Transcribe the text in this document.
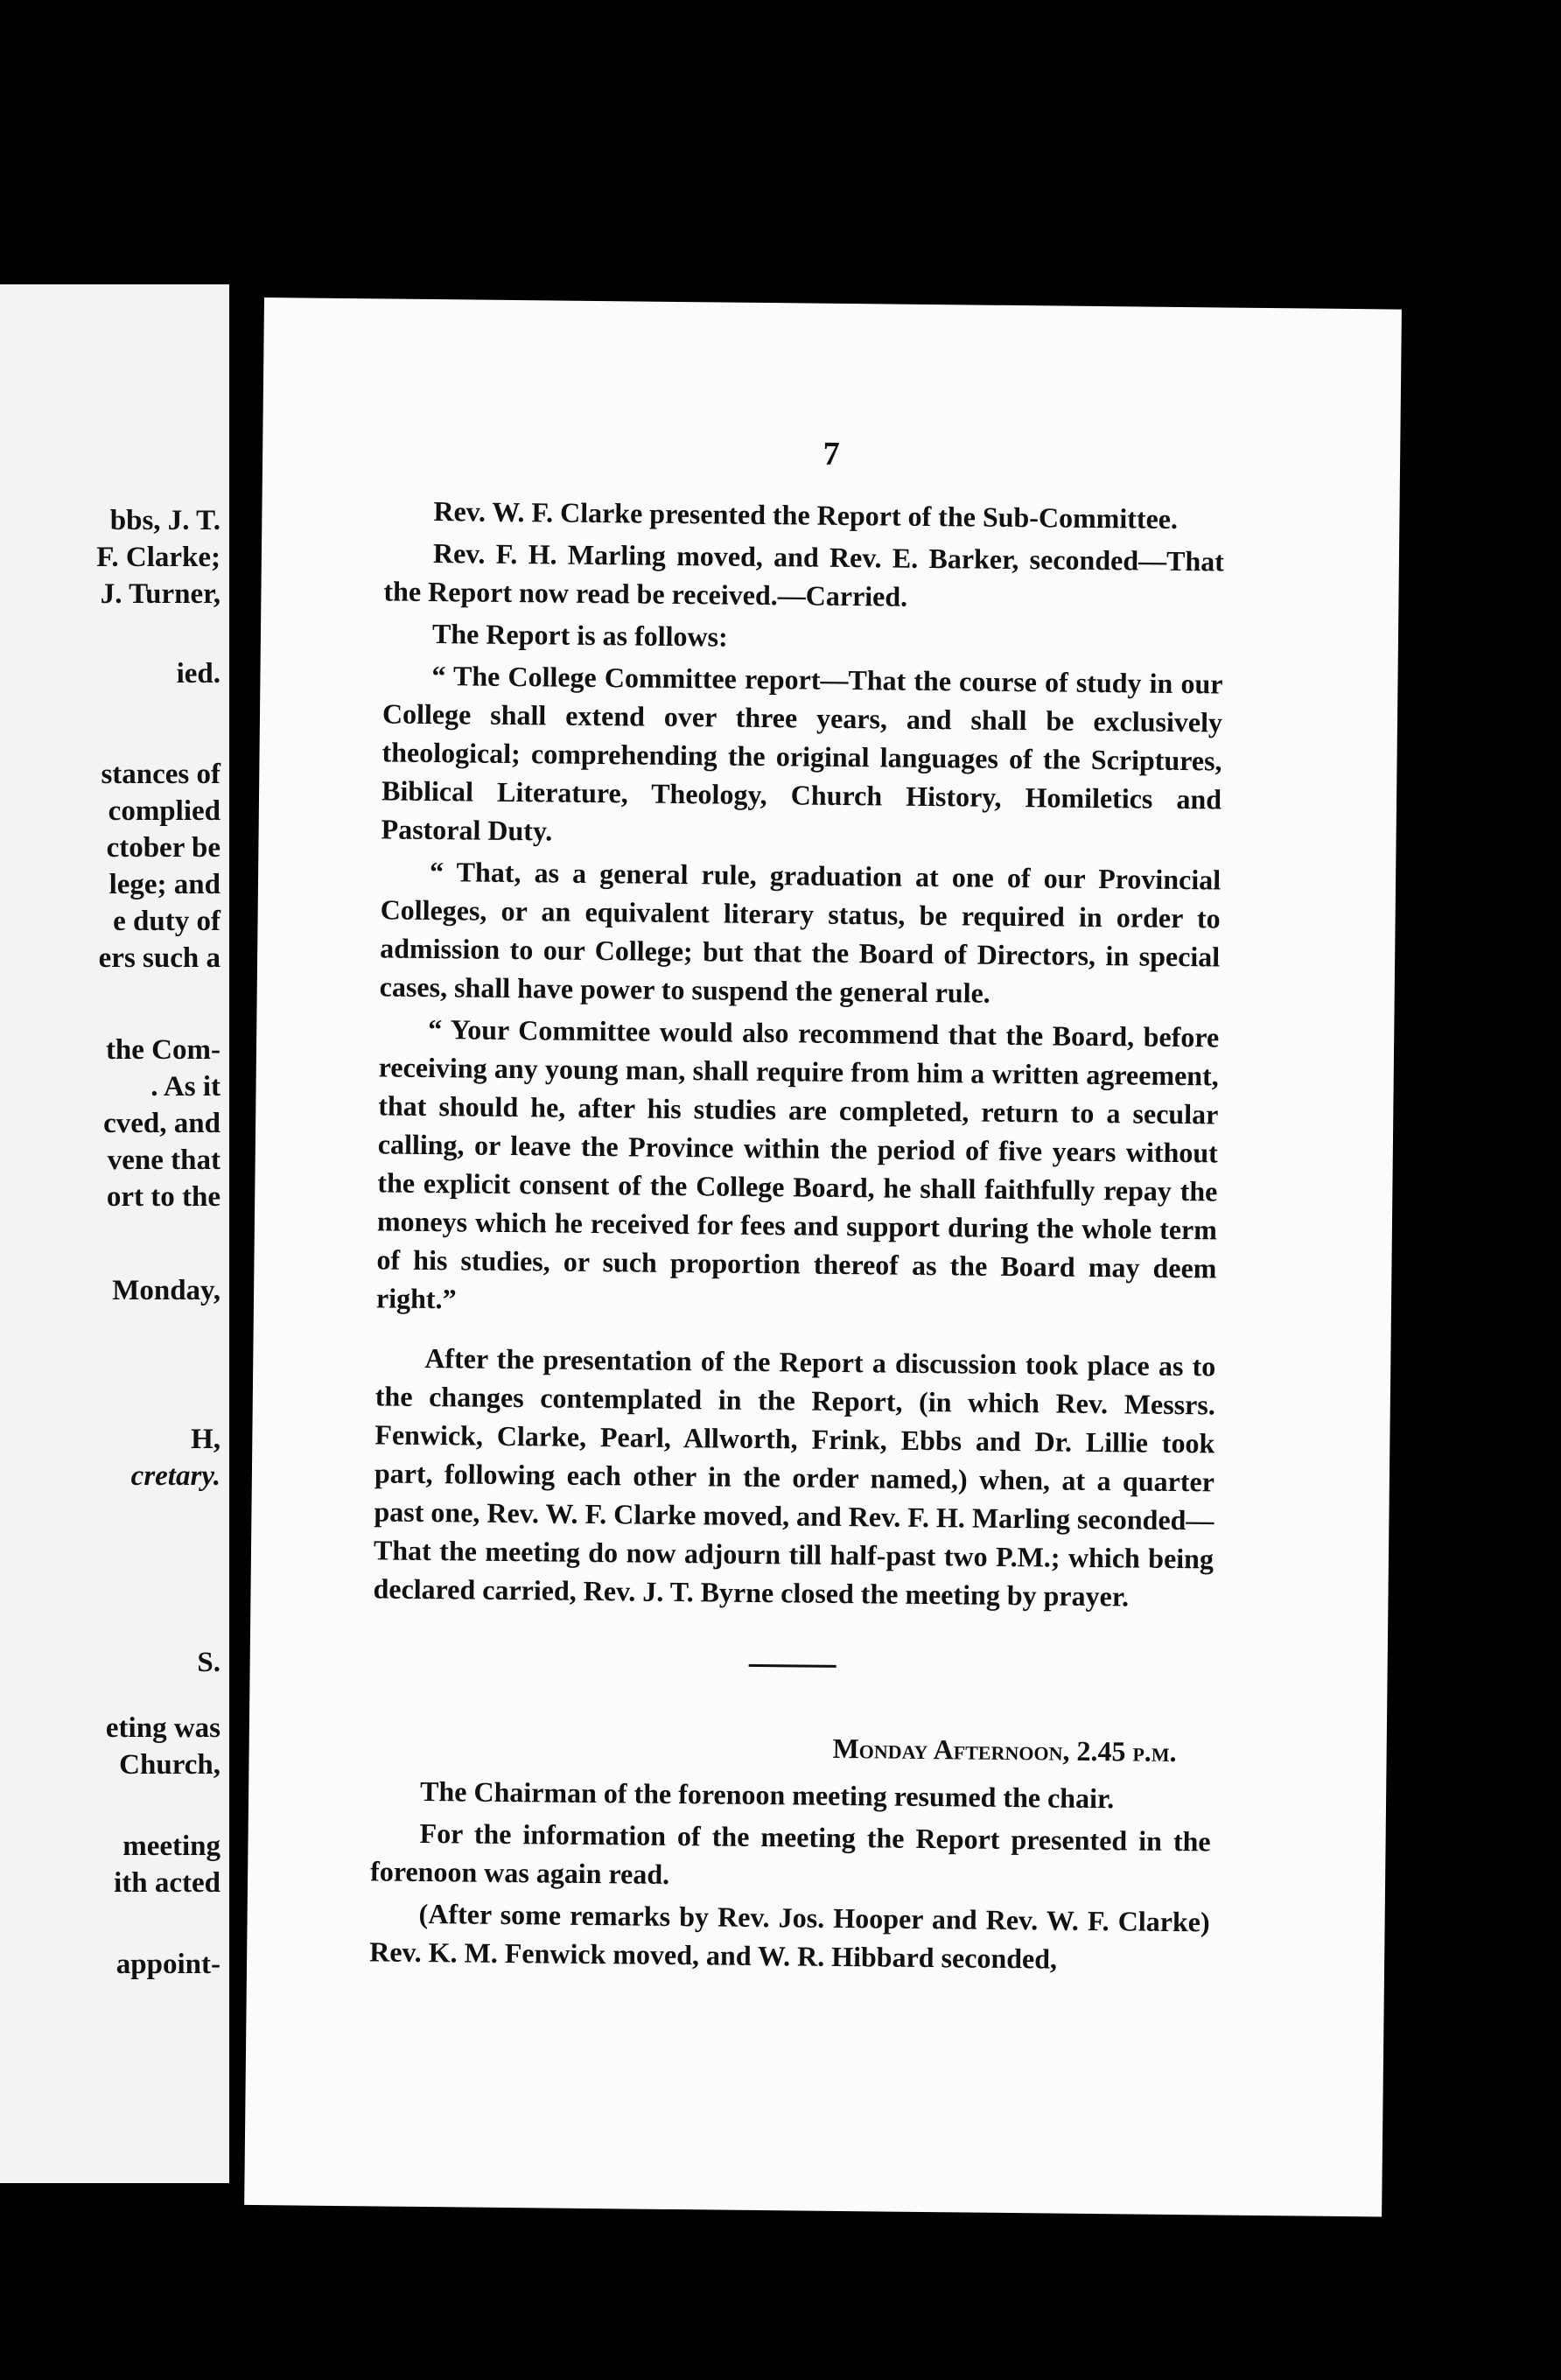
bbs, J. T.
F. Clarke;
J. Turner,
ied.
stances of
complied
ctober be
lege; and
e duty of
ers such a
the Com-
. As it
cved, and
vene that
ort to the
Monday,
H,
cretary.
S.
eting was
Church,
meeting
ith acted
appoint-
7

Rev. W. F. Clarke presented the Report of the Sub-Committee.

Rev. F. H. Marling moved, and Rev. E. Barker, seconded—That the Report now read be received.—Carried.

The Report is as follows:

“ The College Committee report—That the course of study in our College shall extend over three years, and shall be exclusively theological; comprehending the original languages of the Scriptures, Biblical Literature, Theology, Church History, Homiletics and Pastoral Duty.

“ That, as a general rule, graduation at one of our Provincial Colleges, or an equivalent literary status, be required in order to admission to our College; but that the Board of Directors, in special cases, shall have power to suspend the general rule.

“ Your Committee would also recommend that the Board, before receiving any young man, shall require from him a written agreement, that should he, after his studies are completed, return to a secular calling, or leave the Province within the period of five years without the explicit consent of the College Board, he shall faithfully repay the moneys which he received for fees and support during the whole term of his studies, or such proportion thereof as the Board may deem right.”

After the presentation of the Report a discussion took place as to the changes contemplated in the Report, (in which Rev. Messrs. Fenwick, Clarke, Pearl, Allworth, Frink, Ebbs and Dr. Lillie took part, following each other in the order named,) when, at a quarter past one, Rev. W. F. Clarke moved, and Rev. F. H. Marling seconded—That the meeting do now adjourn till half-past two P.M.; which being declared carried, Rev. J. T. Byrne closed the meeting by prayer.

Monday Afternoon, 2.45 p.m.

The Chairman of the forenoon meeting resumed the chair.

For the information of the meeting the Report presented in the forenoon was again read.

(After some remarks by Rev. Jos. Hooper and Rev. W. F. Clarke) Rev. K. M. Fenwick moved, and W. R. Hibbard seconded,
